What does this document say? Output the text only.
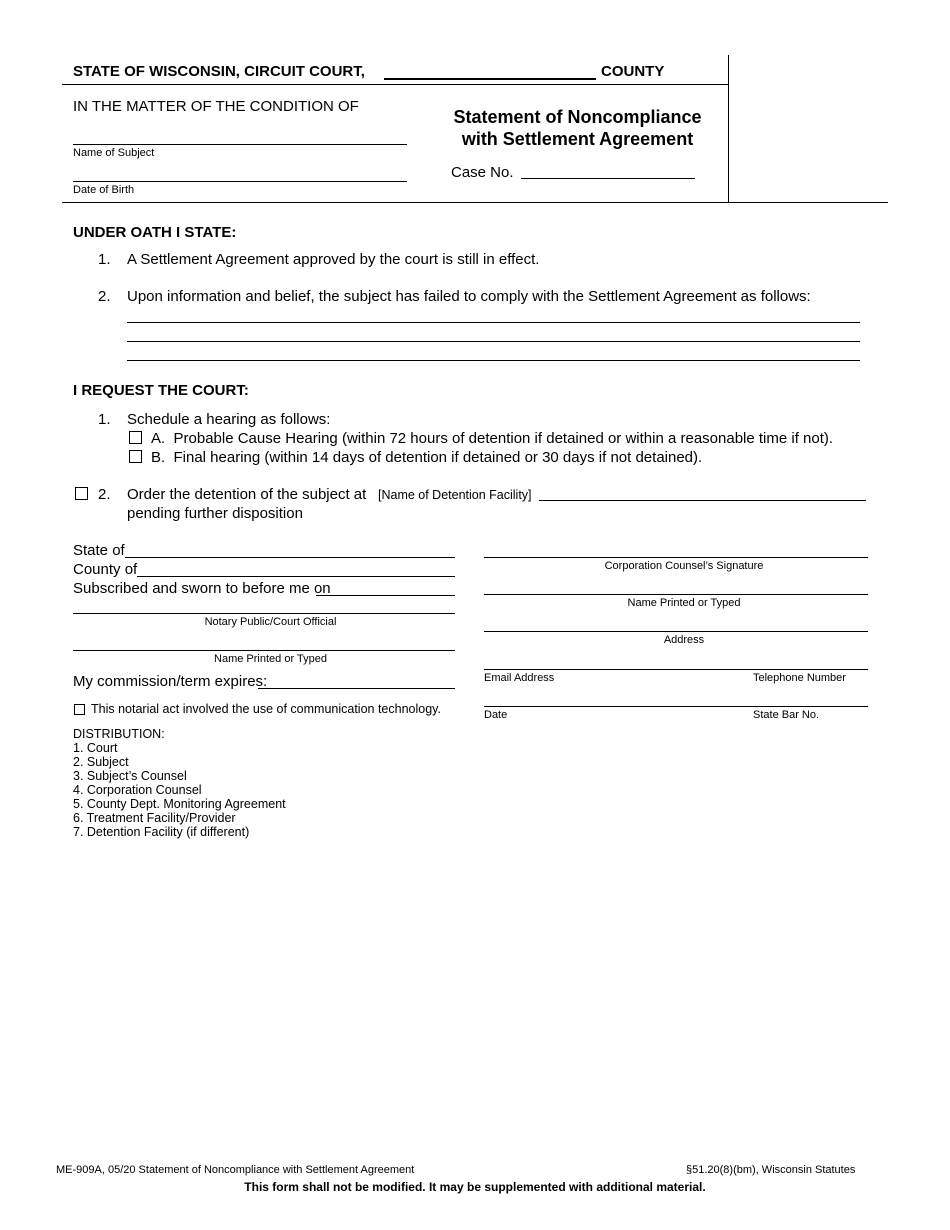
STATE OF WISCONSIN, CIRCUIT COURT,	COUNTY
IN THE MATTER OF THE CONDITION OF
Name of Subject
Date of Birth
Statement of Noncompliance
with Settlement Agreement
Case No.
UNDER OATH I STATE:
1. A Settlement Agreement approved by the court is still in effect.
2. Upon information and belief, the subject has failed to comply with the Settlement Agreement as follows:
I REQUEST THE COURT:
1. Schedule a hearing as follows:
A.  Probable Cause Hearing (within 72 hours of detention if detained or within a reasonable time if not).
B.  Final hearing (within 14 days of detention if detained or 30 days if not detained).
2. Order the detention of the subject at [Name of Detention Facility]
pending further disposition
State of
County of
Subscribed and sworn to before me on
Notary Public/Court Official
Name Printed or Typed
My commission/term expires:
This notarial act involved the use of communication technology.
Corporation Counsel’s Signature
Name Printed or Typed
Address
Email Address	Telephone Number
Date	State Bar No.
DISTRIBUTION:
1. Court
2. Subject
3. Subject’s Counsel
4. Corporation Counsel
5. County Dept. Monitoring Agreement
6. Treatment Facility/Provider
7. Detention Facility (if different)
ME-909A, 05/20 Statement of Noncompliance with Settlement Agreement	§51.20(8)(bm), Wisconsin Statutes
This form shall not be modified. It may be supplemented with additional material.
